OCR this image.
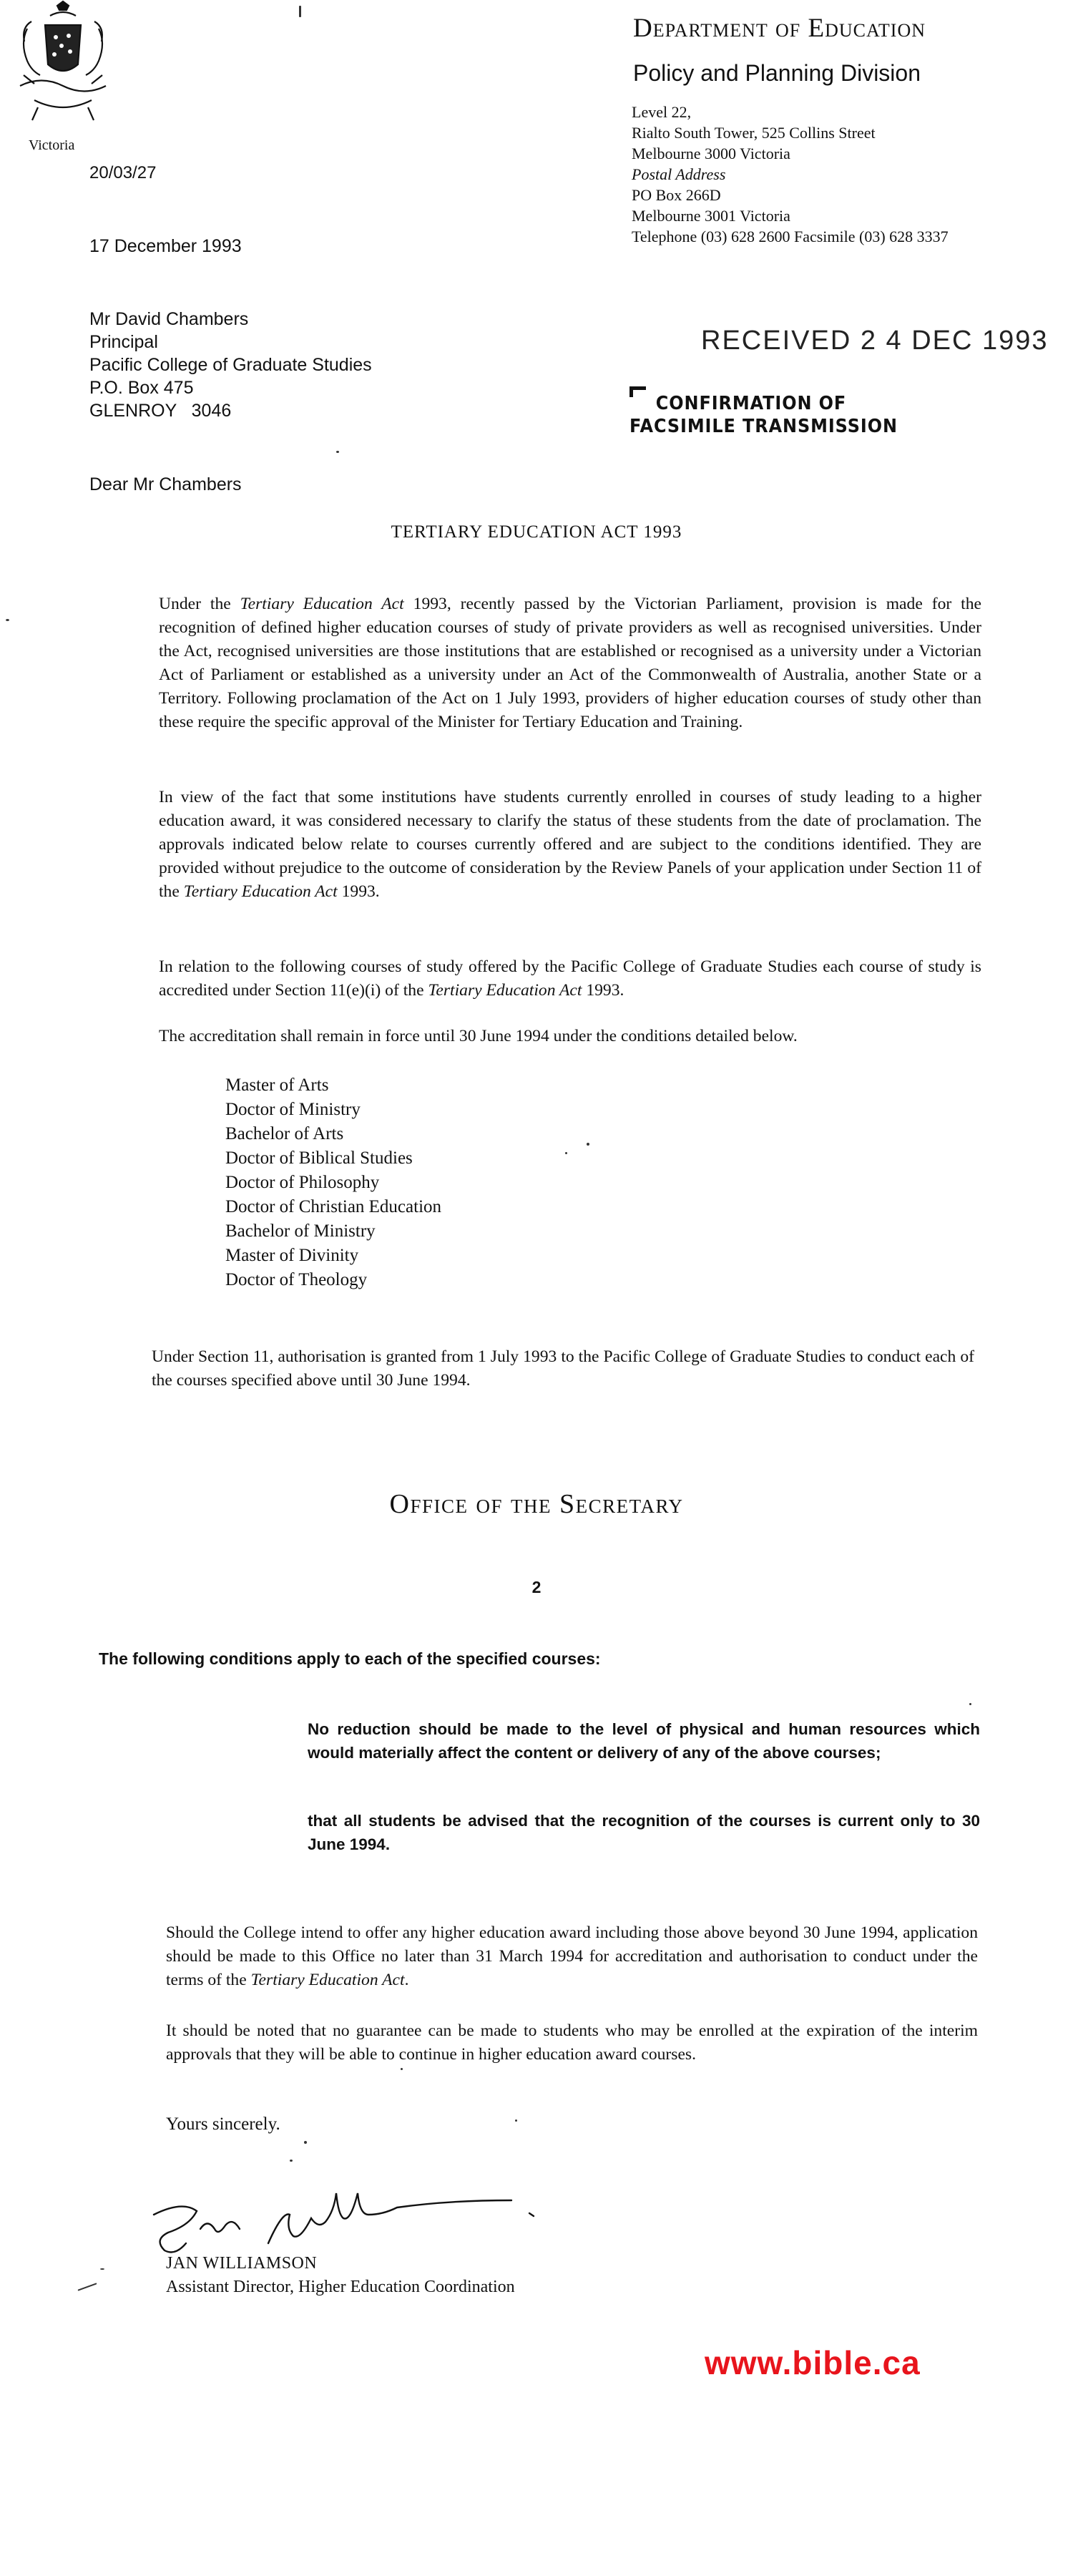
Victoria
20/03/27
Department of Education
Policy and Planning Division
Level 22,
Rialto South Tower, 525 Collins Street
Melbourne 3000 Victoria
Postal Address
PO Box 266D
Melbourne 3001 Victoria
Telephone (03) 628 2600 Facsimile (03) 628 3337
17 December 1993
RECEIVED 2 4 DEC 1993
CONFIRMATION OF
FACSIMILE TRANSMISSION
Mr David Chambers
Principal
Pacific College of Graduate Studies
P.O. Box 475
GLENROY   3046
Dear Mr Chambers
TERTIARY EDUCATION ACT 1993
Under the Tertiary Education Act 1993, recently passed by the Victorian Parliament, provision is made for the recognition of defined higher education courses of study of private providers as well as recognised universities. Under the Act, recognised universities are those institutions that are established or recognised as a university under a Victorian Act of Parliament or established as a university under an Act of the Commonwealth of Australia, another State or a Territory. Following proclamation of the Act on 1 July 1993, providers of higher education courses of study other than these require the specific approval of the Minister for Tertiary Education and Training.
In view of the fact that some institutions have students currently enrolled in courses of study leading to a higher education award, it was considered necessary to clarify the status of these students from the date of proclamation. The approvals indicated below relate to courses currently offered and are subject to the conditions identified. They are provided without prejudice to the outcome of consideration by the Review Panels of your application under Section 11 of the Tertiary Education Act 1993.
In relation to the following courses of study offered by the Pacific College of Graduate Studies each course of study is accredited under Section 11(e)(i) of the Tertiary Education Act 1993.
The accreditation shall remain in force until 30 June 1994 under the conditions detailed below.
Master of Arts
Doctor of Ministry
Bachelor of Arts
Doctor of Biblical Studies
Doctor of Philosophy
Doctor of Christian Education
Bachelor of Ministry
Master of Divinity
Doctor of Theology
Under Section 11, authorisation is granted from 1 July 1993 to the Pacific College of Graduate Studies to conduct each of the courses specified above until 30 June 1994.
Office of the Secretary
2
The following conditions apply to each of the specified courses:
No reduction should be made to the level of physical and human resources which would materially affect the content or delivery of any of the above courses;
that all students be advised that the recognition of the courses is current only to 30 June 1994.
Should the College intend to offer any higher education award including those above beyond 30 June 1994, application should be made to this Office no later than 31 March 1994 for accreditation and authorisation to conduct under the terms of the Tertiary Education Act.
It should be noted that no guarantee can be made to students who may be enrolled at the expiration of the interim approvals that they will be able to continue in higher education award courses.
Yours sincerely.
JAN WILLIAMSON
Assistant Director, Higher Education Coordination
www.bible.ca
